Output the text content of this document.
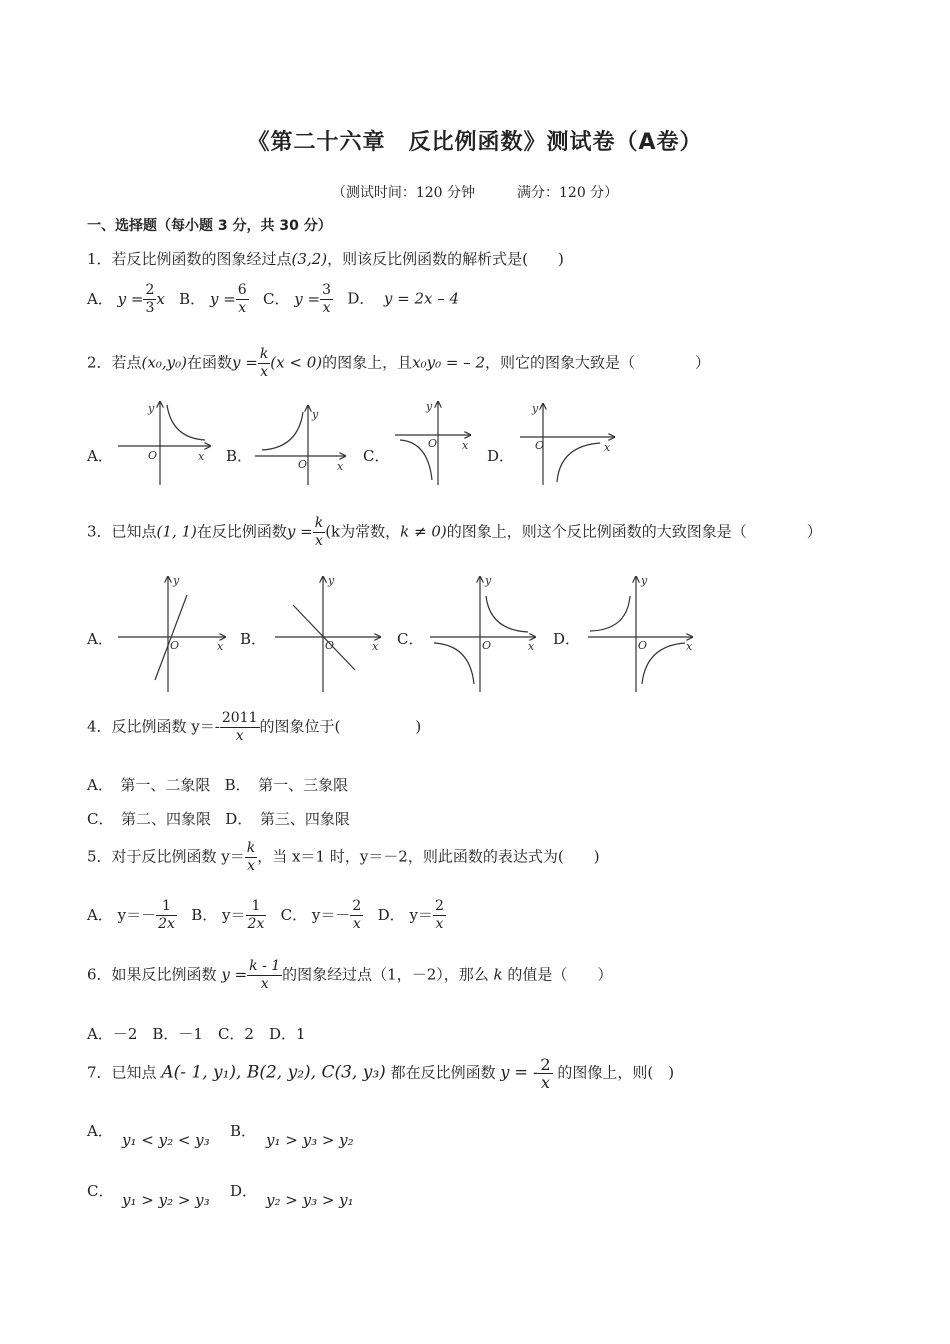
《第二十六章　反比例函数》测试卷（A卷）
（测试时间：120 分钟　　　满分：120 分）
一、选择题（每小题 3 分，共 30 分）
1．若反比例函数的图象经过点(3,2)，则该反比例函数的解析式是(　　)
A． $y = \frac{2}{3}$ x B． $y = \frac{6}{x}$ C． $y = \frac{3}{x}$ D． y = 2x – 4
2．若点(x₀,y₀)在函数$y = \frac{k}{x} (x < 0)$的图象上，且x₀y₀ = – 2，则它的图象大致是（　　　　）
A．	B．	C．	D．
y
O	x
y
O	x
y
O x
y
O	x
y
O	x
y
O	x
y
O	x
y
O	x
3．已知点(1, 1)在反比例函数$y = \frac{k}{x} (k$为常数，k ≠ 0)的图象上，则这个反比例函数的大致图象是（　　　　）
A．	B．	C．	D．
4．反比例函数 $y=- \frac{2011}{x}$ 的图象位于(　　　　　)
A．　第一、二象限 B．　第一、三象限
C．　第二、四象限 D．　第三、四象限
5．对于反比例函数 $y= \frac{k}{x}$ ，当 x＝1 时，y＝－2，则此函数的表达式为(　　)
A． $y=- \frac{1}{2x}$ B． $y= \frac{1}{2x}$ C． $y=- \frac{2}{x}$ D． $y= \frac{2}{x}$
6．如果反比例函数 $y = \frac{k - 1}{x}$ 的图象经过点（1，－2），那么 k 的值是（　　）
A．－2　B．－1　C．2　D．1
7．已知点 A(- 1, y₁), B(2, y₂), C(3, y₃) 都在反比例函数 y = - $\frac{2}{x}$ 的图像上，则(　)
A． y₁ < y₂ < y₃ B． y₁ > y₃ > y₂
C． y₁ > y₂ > y₃ D． y₂ > y₃ > y₁
